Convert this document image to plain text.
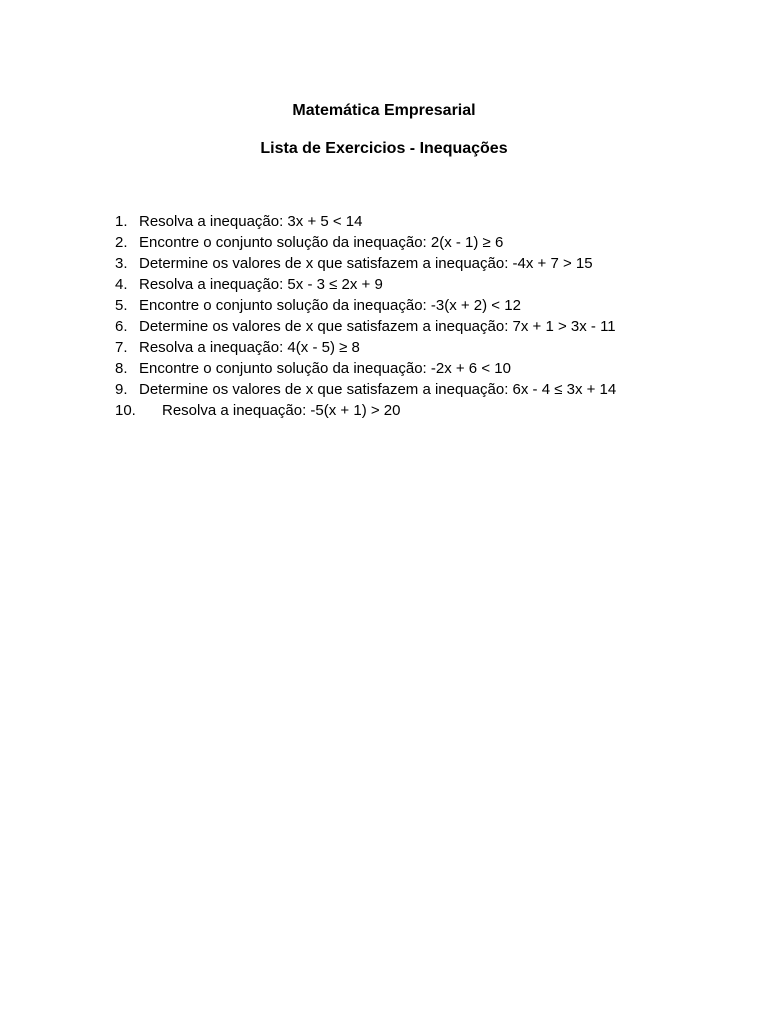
Matemática Empresarial
Lista de Exercicios - Inequações
1. Resolva a inequação: 3x + 5 < 14
2. Encontre o conjunto solução da inequação: 2(x - 1) ≥ 6
3. Determine os valores de x que satisfazem a inequação: -4x + 7 > 15
4. Resolva a inequação: 5x - 3 ≤ 2x + 9
5. Encontre o conjunto solução da inequação: -3(x + 2) < 12
6. Determine os valores de x que satisfazem a inequação: 7x + 1 > 3x - 11
7. Resolva a inequação: 4(x - 5) ≥ 8
8. Encontre o conjunto solução da inequação: -2x + 6 < 10
9. Determine os valores de x que satisfazem a inequação: 6x - 4 ≤ 3x + 14
10.	Resolva a inequação: -5(x + 1) > 20
